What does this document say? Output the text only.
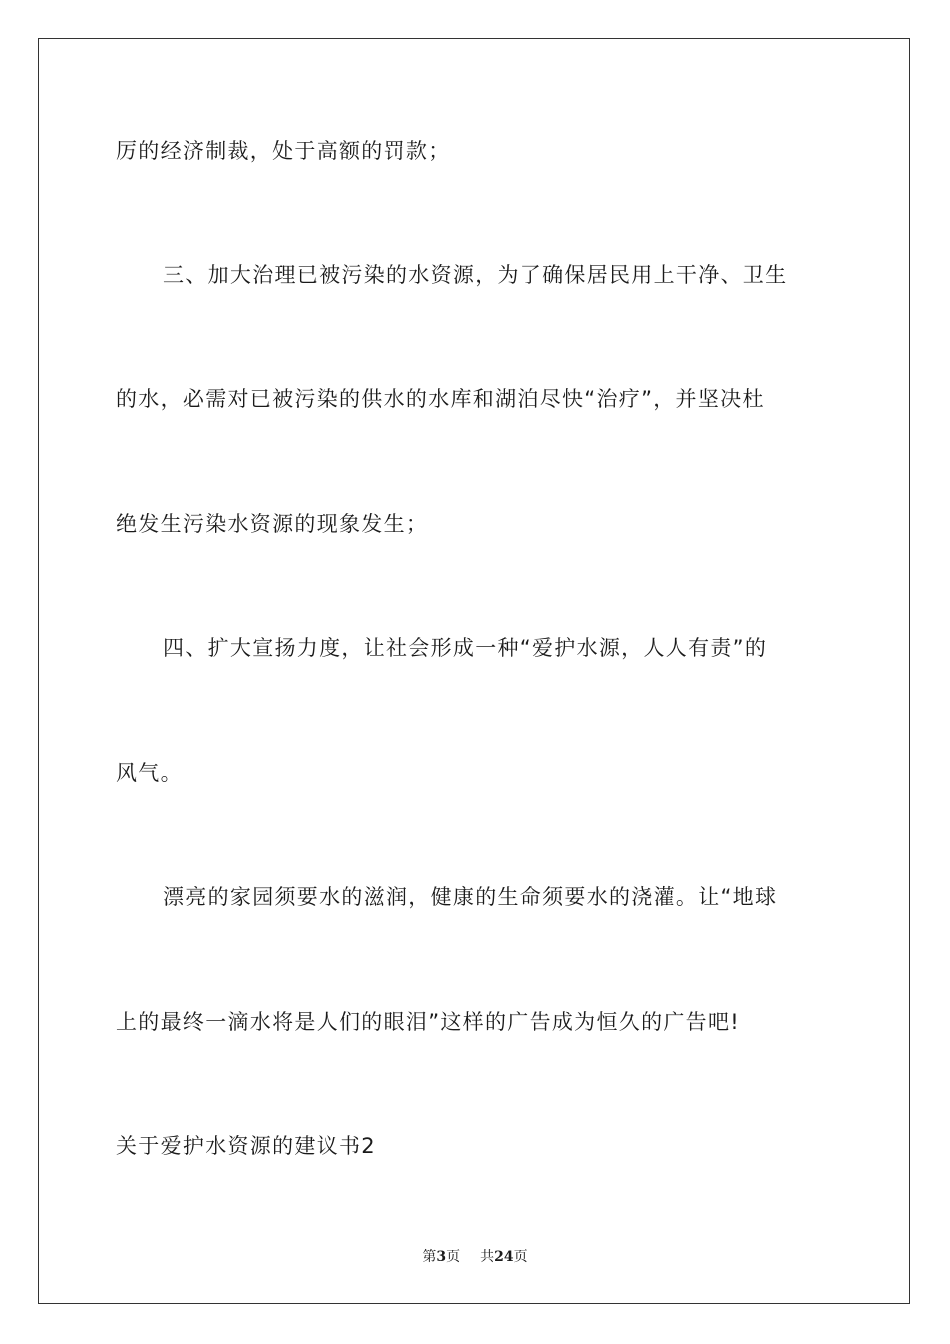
厉的经济制裁，处于高额的罚款；
三、加大治理已被污染的水资源，为了确保居民用上干净、卫生
的水，必需对已被污染的供水的水库和湖泊尽快“治疗”，并坚决杜
绝发生污染水资源的现象发生；
四、扩大宣扬力度，让社会形成一种“爱护水源，人人有责”的
风气。
漂亮的家园须要水的滋润，健康的生命须要水的浇灌。让“地球
上的最终一滴水将是人们的眼泪”这样的广告成为恒久的广告吧!
关于爱护水资源的建议书2
第3页 共24页
